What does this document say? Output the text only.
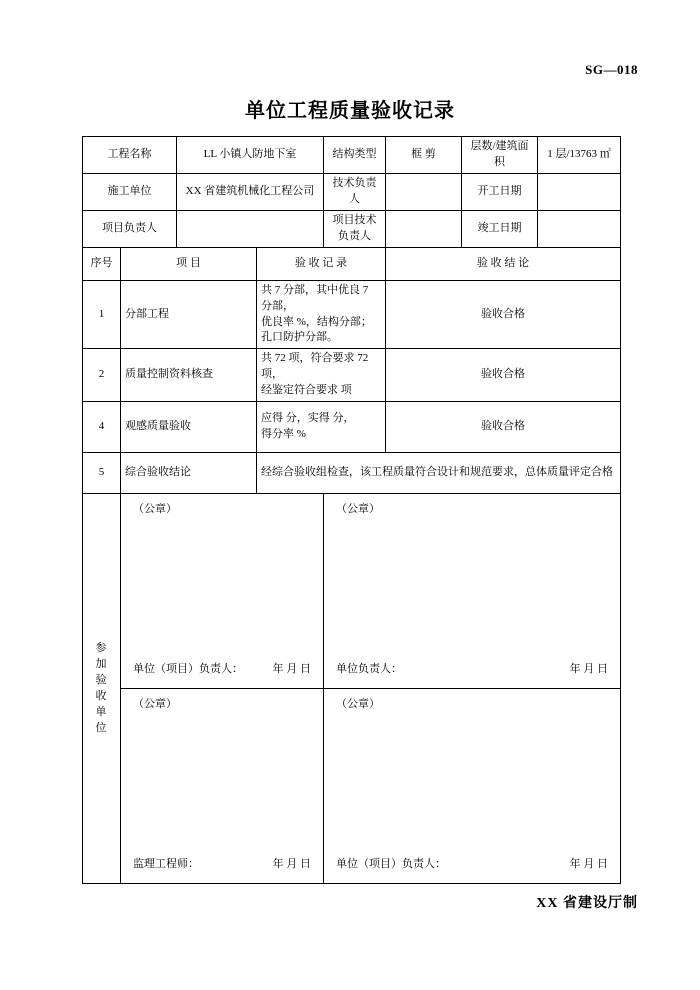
SG—018
单位工程质量验收记录
工程名称		LL 小镇人防地下室		结构类型	框 剪	层数/建筑面积	1 层/13763 ㎡
施工单位		XX 省建筑机械化工程公司		技术负责人		开工日期	
项目负责人				项目技术负责人		竣工日期	
序号	项 目		验 收 记 录		验 收 结 论		
1	分部工程		共 7 分部，其中优良 7 分部，
优良率 %，结构分部；
孔口防护分部。		验收合格		
2	质量控制资料核查		共 72 项，符合要求 72 项，
经鉴定符合要求 项		验收合格		
4	观感质量验收		应得 分，实得 分，
得分率 %		验收合格		
5	综合验收结论		经综合验收组检查，该工程质量符合设计和规范要求，总体质量评定合格				

参
加
验
收
单
位

（公章）
单位（项目）负责人：	年 月 日

（公章）
单位负责人：	年 月 日

（公章）
监理工程师：	年 月 日

（公章）
单位（项目）负责人：	年 月 日
XX 省建设厅制
